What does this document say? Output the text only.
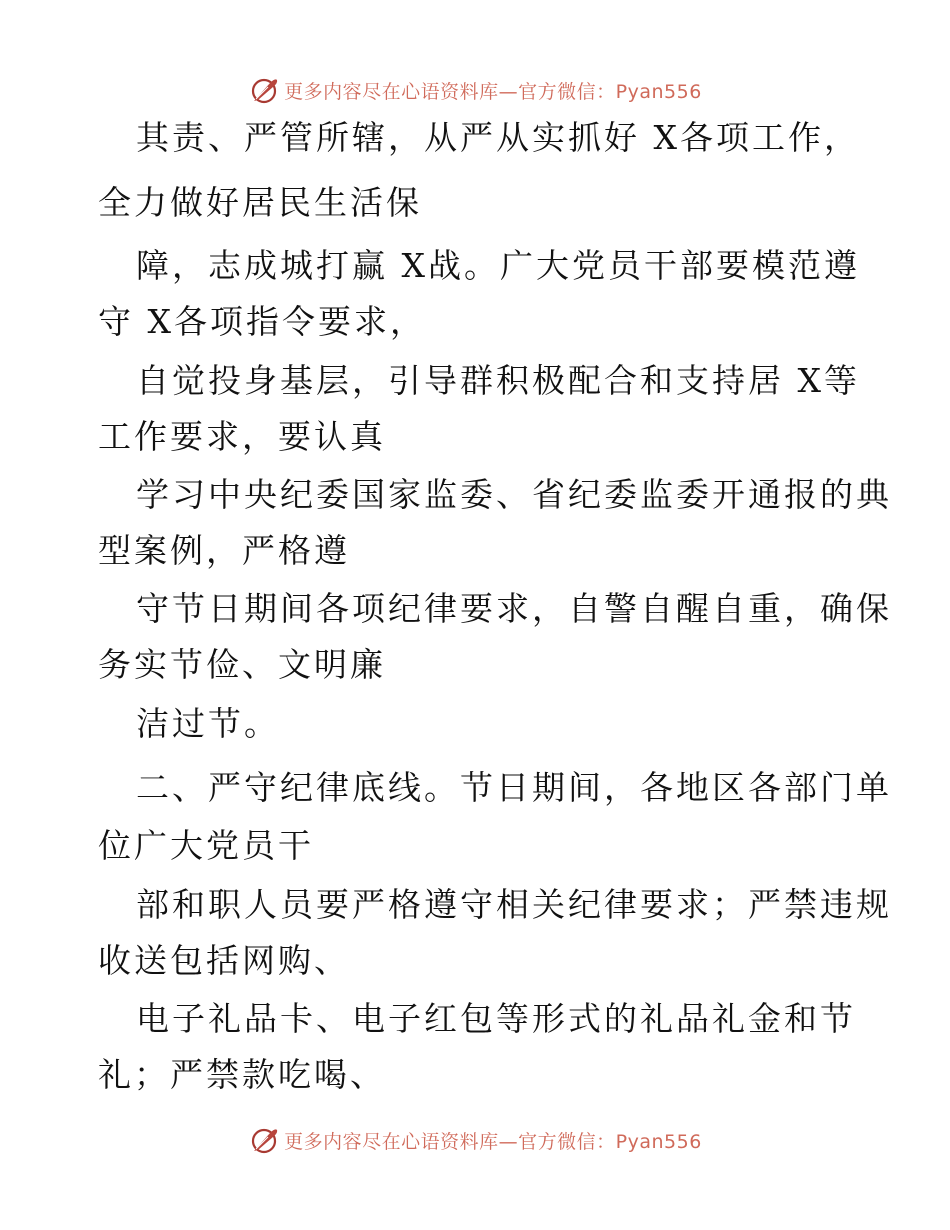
更多内容尽在心语资料库—官方微信：Pyan556
其责、严管所辖，从严从实抓好 X各项工作，
全力做好居民生活保
障，志成城打赢 X战。广大党员干部要模范遵
守 X各项指令要求，
自觉投身基层，引导群积极配合和支持居 X等
工作要求，要认真
学习中央纪委国家监委、省纪委监委开通报的典
型案例，严格遵
守节日期间各项纪律要求，自警自醒自重，确保
务实节俭、文明廉
洁过节。
二、严守纪律底线。节日期间，各地区各部门单
位广大党员干
部和职人员要严格遵守相关纪律要求；严禁违规
收送包括网购、
电子礼品卡、电子红包等形式的礼品礼金和节
礼；严禁款吃喝、
更多内容尽在心语资料库—官方微信：Pyan556
